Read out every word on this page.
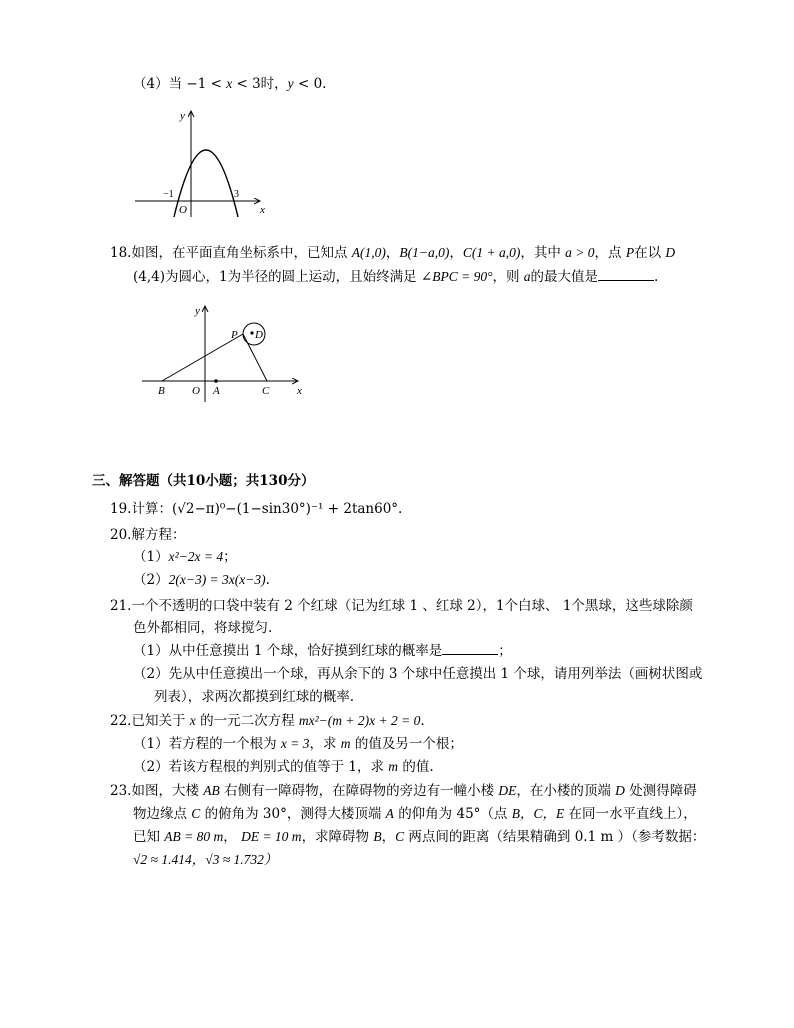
（4）当 −1 < x < 3时，y < 0.
y
x
O
−1	3
18.如图，在平面直角坐标系中，已知点 A(1,0)，B(1−a,0)，C(1 + a,0)，其中 a > 0，点 P在以 D
(4,4)为圆心，1为半径的圆上运动，且始终满足 ∠BPC = 90°，则 a的最大值是	.
y
x
O
B	A	C
P D
三、解答题（共10小题；共130分）
19.计算：(√2−π)⁰−(1−sin30°)⁻¹ + 2tan60°.
20.解方程：
（1）x²−2x = 4；
（2）2(x−3) = 3x(x−3).
21.一个不透明的口袋中装有 2 个红球（记为红球 1 、红球 2），1个白球、 1个黑球，这些球除颜
色外都相同，将球搅匀.
（1）从中任意摸出 1 个球，恰好摸到红球的概率是	；
（2）先从中任意摸出一个球，再从余下的 3 个球中任意摸出 1 个球，请用列举法（画树状图或
列表），求两次都摸到红球的概率.
22.已知关于 x 的一元二次方程 mx²−(m + 2)x + 2 = 0.
（1）若方程的一个根为 x = 3，求 m 的值及另一个根；
（2）若该方程根的判别式的值等于 1，求 m 的值.
23.如图，大楼 AB 右侧有一障碍物，在障碍物的旁边有一幢小楼 DE，在小楼的顶端 D 处测得障碍
物边缘点 C 的俯角为 30°，测得大楼顶端 A 的仰角为 45°（点 B，C，E 在同一水平直线上），
已知 AB = 80 m， DE = 10 m，求障碍物 B，C 两点间的距离（结果精确到 0.1 m ）（参考数据：
√2 ≈ 1.414，√3 ≈ 1.732）
